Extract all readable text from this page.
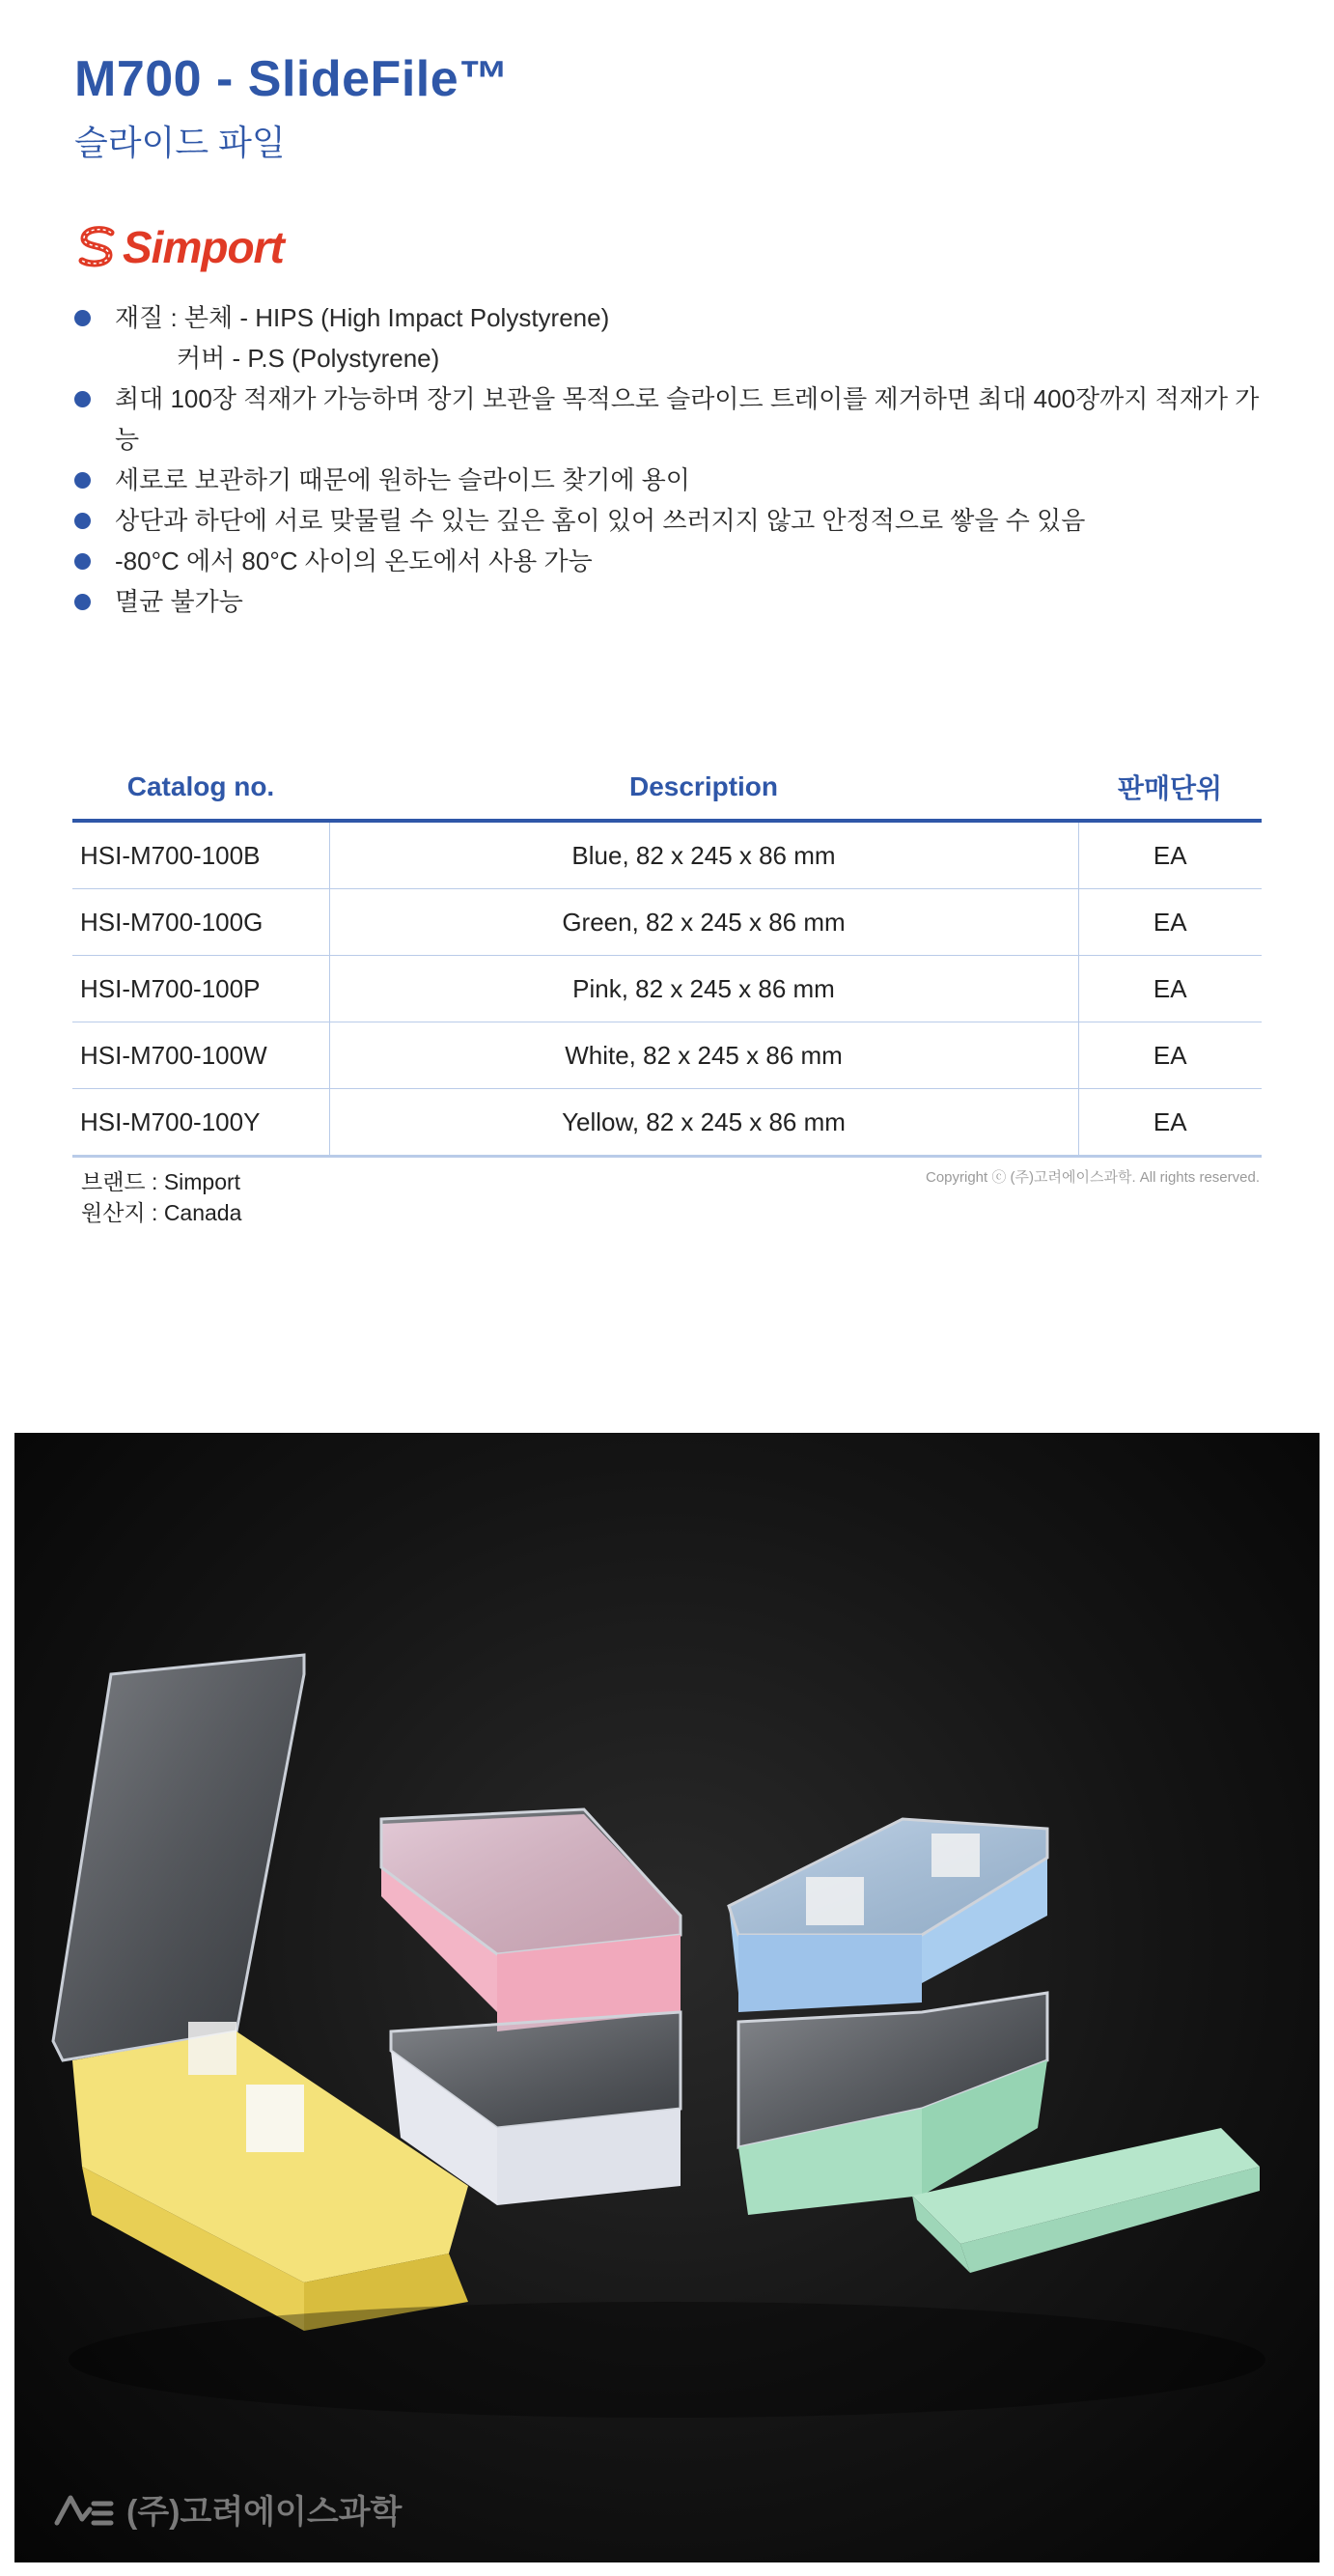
M700 - SlideFile™
슬라이드 파일
Simport
재질 : 본체 - HIPS (High Impact Polystyrene)
커버 - P.S (Polystyrene)
최대 100장 적재가 가능하며 장기 보관을 목적으로 슬라이드 트레이를 제거하면 최대 400장까지 적재가 가능
세로로 보관하기 때문에 원하는 슬라이드 찾기에 용이
상단과 하단에 서로 맞물릴 수 있는 깊은 홈이 있어 쓰러지지 않고 안정적으로 쌓을 수 있음
-80°C 에서 80°C 사이의 온도에서 사용 가능
멸균 불가능
Catalog no.	Description	판매단위
HSI-M700-100B	Blue, 82 x 245 x 86 mm	EA
HSI-M700-100G	Green, 82 x 245 x 86 mm	EA
HSI-M700-100P	Pink, 82 x 245 x 86 mm	EA
HSI-M700-100W	White, 82 x 245 x 86 mm	EA
HSI-M700-100Y	Yellow, 82 x 245 x 86 mm	EA
브랜드 : Simport
원산지 : Canada
Copyright ⓒ (주)고려에이스과학. All rights reserved.
(주)고려에이스과학
